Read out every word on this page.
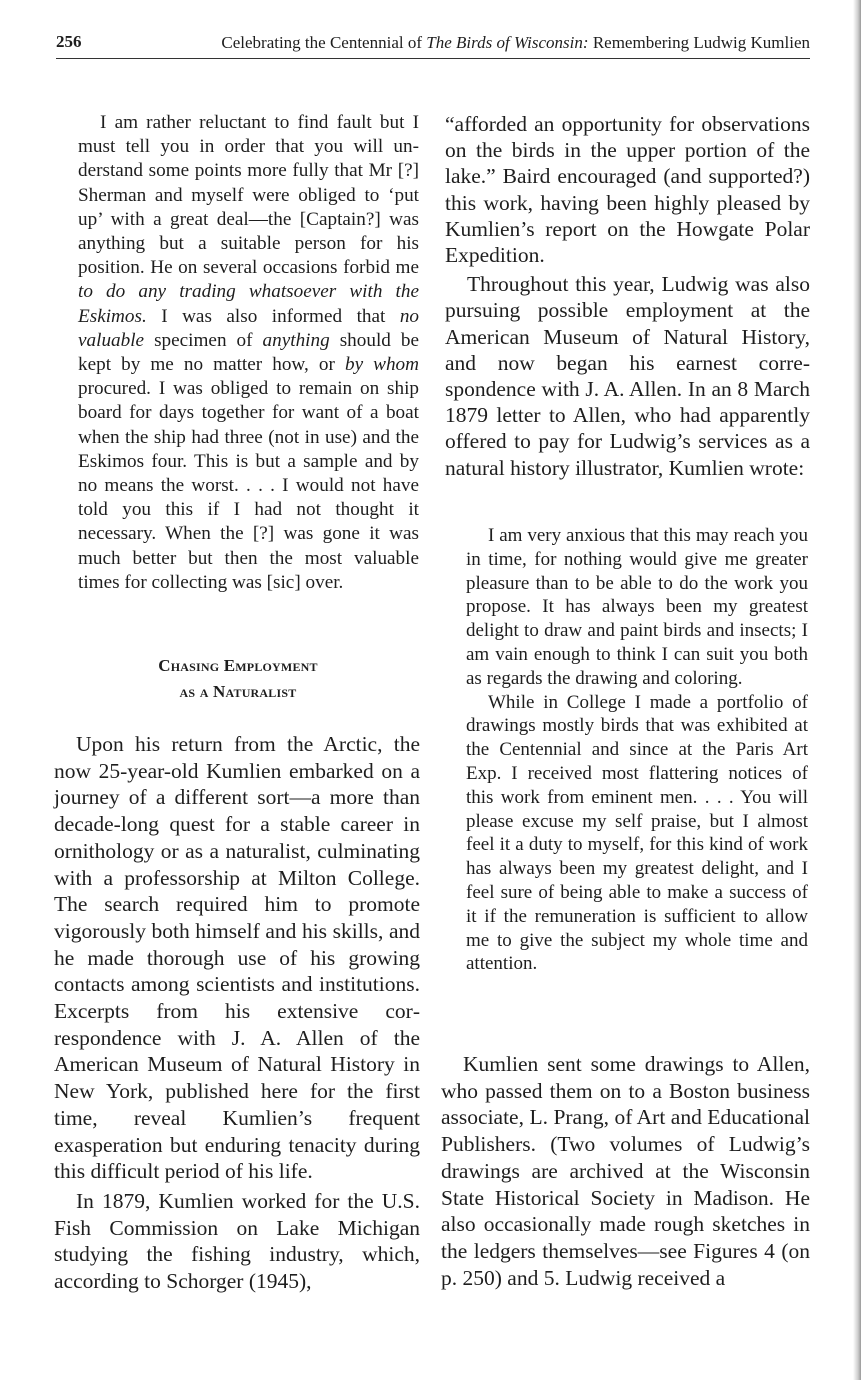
256	Celebrating the Centennial of The Birds of Wisconsin: Remembering Ludwig Kumlien

I am rather reluctant to find fault but I must tell you in order that you will understand some points more fully that Mr [?] Sherman and myself were obliged to ‘put up’ with a great deal—the [Captain?] was anything but a suitable person for his position. He on several occasions forbid me to do any trading whatsoever with the Eskimos. I was also informed that no valuable specimen of anything should be kept by me no matter how, or by whom procured. I was obliged to remain on ship board for days together for want of a boat when the ship had three (not in use) and the Eskimos four. This is but a sample and by no means the worst. . . . I would not have told you this if I had not thought it necessary. When the [?] was gone it was much better but then the most valuable times for collecting was [sic] over.

Chasing Employment
as a Naturalist

Upon his return from the Arctic, the now 25-year-old Kumlien embarked on a journey of a different sort—a more than decade-long quest for a stable career in ornithology or as a naturalist, culminating with a professorship at Milton College. The search required him to promote vigorously both himself and his skills, and he made thorough use of his growing contacts among scientists and institutions. Excerpts from his extensive correspondence with J. A. Allen of the American Museum of Natural History in New York, published here for the first time, reveal Kumlien’s frequent exasperation but enduring tenacity during this difficult period of his life.

In 1879, Kumlien worked for the U.S. Fish Commission on Lake Michigan studying the fishing industry, which, according to Schorger (1945),

“afforded an opportunity for observations on the birds in the upper portion of the lake.” Baird encouraged (and supported?) this work, having been highly pleased by Kumlien’s report on the Howgate Polar Expedition.

Throughout this year, Ludwig was also pursuing possible employment at the American Museum of Natural History, and now began his earnest correspondence with J. A. Allen. In an 8 March 1879 letter to Allen, who had apparently offered to pay for Ludwig’s services as a natural history illustrator, Kumlien wrote:

I am very anxious that this may reach you in time, for nothing would give me greater pleasure than to be able to do the work you propose. It has always been my greatest delight to draw and paint birds and insects; I am vain enough to think I can suit you both as regards the drawing and coloring.

While in College I made a portfolio of drawings mostly birds that was exhibited at the Centennial and since at the Paris Art Exp. I received most flattering notices of this work from eminent men. . . . You will please excuse my self praise, but I almost feel it a duty to myself, for this kind of work has always been my greatest delight, and I feel sure of being able to make a success of it if the remuneration is sufficient to allow me to give the subject my whole time and attention.

Kumlien sent some drawings to Allen, who passed them on to a Boston business associate, L. Prang, of Art and Educational Publishers. (Two volumes of Ludwig’s drawings are archived at the Wisconsin State Historical Society in Madison. He also occasionally made rough sketches in the ledgers themselves—see Figures 4 (on p. 250) and 5. Ludwig received a
